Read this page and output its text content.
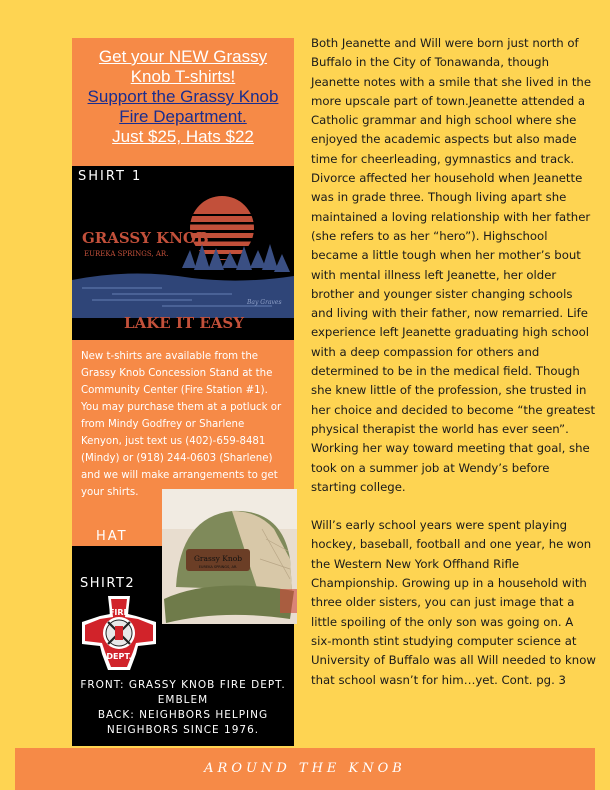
Get your NEW Grassy Knob T-shirts!
Support the Grassy Knob Fire Department.
Just $25, Hats $22
SHIRT 1
GRASSY KNOB
EUREKA SPRINGS, AR.
Bay Graves
LAKE IT EASY
New t-shirts are available from the Grassy Knob Concession Stand at the Community Center (Fire Station #1). You may purchase them at a potluck or from Mindy Godfrey or Sharlene Kenyon, just text us (402)-659-8481 (Mindy) or (918) 244-0603 (Sharlene) and we will make arrangements to get your shirts.
HAT
Grassy Knob
EUREKA SPRINGS, AR.
SHIRT2
FIRE
DEPT.
FRONT: GRASSY KNOB FIRE DEPT. EMBLEM
BACK: NEIGHBORS HELPING NEIGHBORS SINCE 1976.

Both Jeanette and Will were born just north of Buffalo in the City of Tonawanda, though Jeanette notes with a smile that she lived in the more upscale part of town.Jeanette attended a Catholic grammar and high school where she enjoyed the academic aspects but also made time for cheerleading, gymnastics and track. Divorce affected her household when Jeanette was in grade three. Though living apart she maintained a loving relationship with her father (she refers to as her “hero”). Highschool became a little tough when her mother’s bout with mental illness left Jeanette, her older brother and younger sister changing schools and living with their father, now remarried. Life experience left Jeanette graduating high school with a deep compassion for others and determined to be in the medical field. Though she knew little of the profession, she trusted in her choice and decided to become “the greatest physical therapist the world has ever seen”. Working her way toward meeting that goal, she took on a summer job at Wendy’s before starting college.

Will’s early school years were spent playing hockey, baseball, football and one year, he won the Western New York Offhand Rifle Championship. Growing up in a household with three older sisters, you can just image that a little spoiling of the only son was going on. A six-month stint studying computer science at University of Buffalo was all Will needed to know that school wasn’t for him…yet. Cont. pg. 3

AROUND THE KNOB
